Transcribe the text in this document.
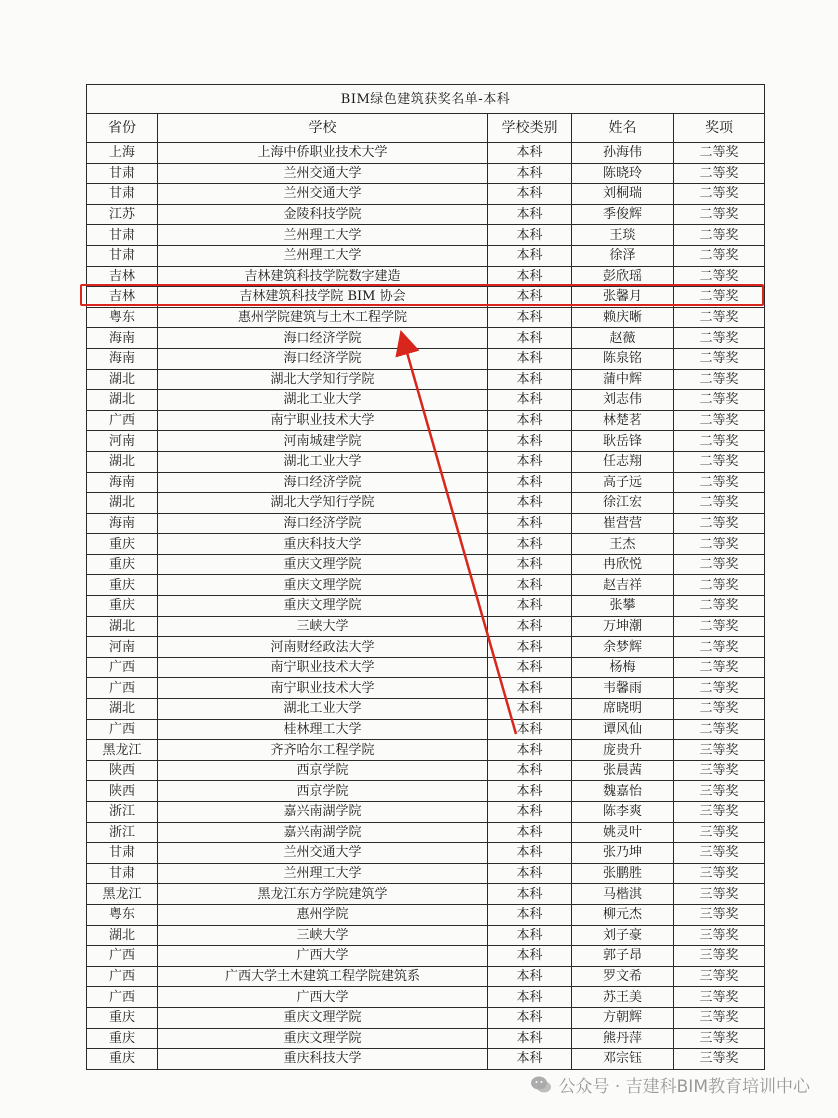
BIM绿色建筑获奖名单-本科				
省份	学校	学校类别	姓名	奖项
上海	上海中侨职业技术大学	本科	孙海伟	二等奖
甘肃	兰州交通大学	本科	陈晓玲	二等奖
甘肃	兰州交通大学	本科	刘桐瑞	二等奖
江苏	金陵科技学院	本科	季俊辉	二等奖
甘肃	兰州理工大学	本科	王琰	二等奖
甘肃	兰州理工大学	本科	徐泽	二等奖
吉林	吉林建筑科技学院数字建造	本科	彭欣瑶	二等奖
吉林	吉林建筑科技学院 BIM 协会	本科	张馨月	二等奖
粤东	惠州学院建筑与土木工程学院	本科	赖庆晰	二等奖
海南	海口经济学院	本科	赵薇	二等奖
海南	海口经济学院	本科	陈泉铭	二等奖
湖北	湖北大学知行学院	本科	蒲中辉	二等奖
湖北	湖北工业大学	本科	刘志伟	二等奖
广西	南宁职业技术大学	本科	林楚茗	二等奖
河南	河南城建学院	本科	耿岳锋	二等奖
湖北	湖北工业大学	本科	任志翔	二等奖
海南	海口经济学院	本科	高子远	二等奖
湖北	湖北大学知行学院	本科	徐江宏	二等奖
海南	海口经济学院	本科	崔营营	二等奖
重庆	重庆科技大学	本科	王杰	二等奖
重庆	重庆文理学院	本科	冉欣悦	二等奖
重庆	重庆文理学院	本科	赵吉祥	二等奖
重庆	重庆文理学院	本科	张攀	二等奖
湖北	三峡大学	本科	万坤潮	二等奖
河南	河南财经政法大学	本科	余梦辉	二等奖
广西	南宁职业技术大学	本科	杨梅	二等奖
广西	南宁职业技术大学	本科	韦馨雨	二等奖
湖北	湖北工业大学	本科	席晓明	二等奖
广西	桂林理工大学	本科	谭风仙	二等奖
黑龙江	齐齐哈尔工程学院	本科	庞贵升	三等奖
陕西	西京学院	本科	张晨茜	三等奖
陕西	西京学院	本科	魏嘉怡	三等奖
浙江	嘉兴南湖学院	本科	陈李爽	三等奖
浙江	嘉兴南湖学院	本科	姚灵叶	三等奖
甘肃	兰州交通大学	本科	张乃坤	三等奖
甘肃	兰州理工大学	本科	张鹏胜	三等奖
黑龙江	黑龙江东方学院建筑学	本科	马楷淇	三等奖
粤东	惠州学院	本科	柳元杰	三等奖
湖北	三峡大学	本科	刘子豪	三等奖
广西	广西大学	本科	郭子昂	三等奖
广西	广西大学土木建筑工程学院建筑系	本科	罗文希	三等奖
广西	广西大学	本科	苏王美	三等奖
重庆	重庆文理学院	本科	方朝辉	三等奖
重庆	重庆文理学院	本科	熊丹萍	三等奖
重庆	重庆科技大学	本科	邓宗钰	三等奖
公众号 · 吉建科BIM教育培训中心
